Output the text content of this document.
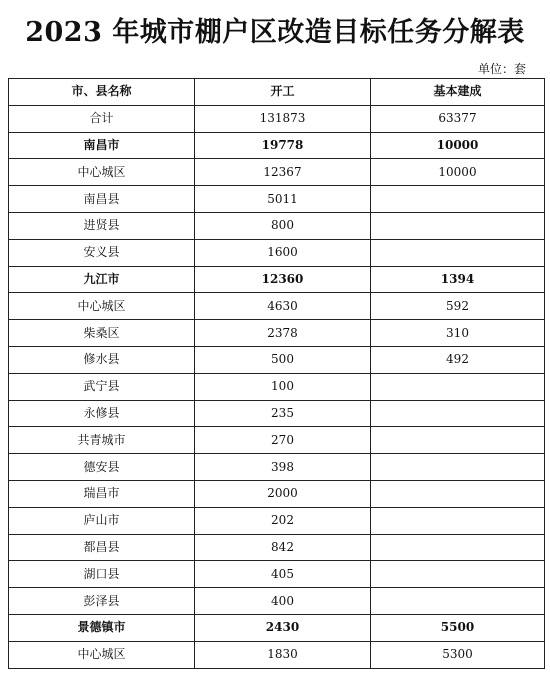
2023 年城市棚户区改造目标任务分解表
单位：套
市、县名称	开工	基本建成
合计	131873	63377
南昌市	19778	10000
中心城区	12367	10000
南昌县	5011	
进贤县	800	
安义县	1600	
九江市	12360	1394
中心城区	4630	592
柴桑区	2378	310
修水县	500	492
武宁县	100	
永修县	235	
共青城市	270	
德安县	398	
瑞昌市	2000	
庐山市	202	
都昌县	842	
湖口县	405	
彭泽县	400	
景德镇市	2430	5500
中心城区	1830	5300
